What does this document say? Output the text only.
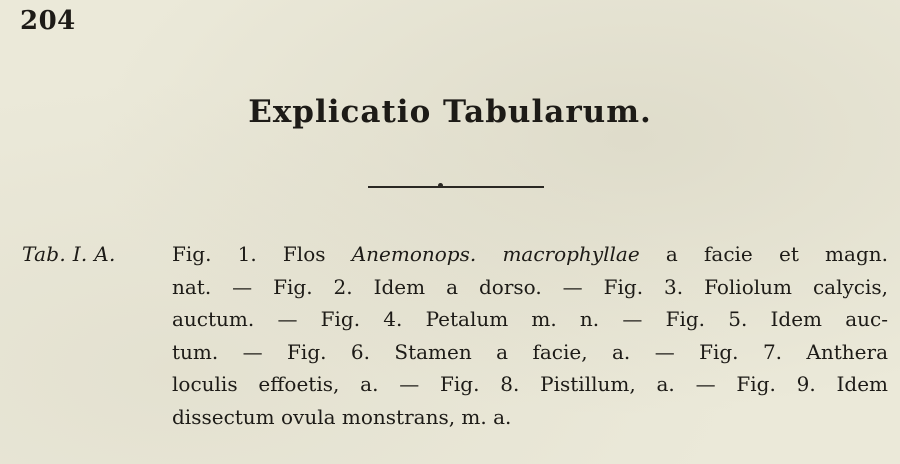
204
Explicatio Tabularum.
Tab. I. A.	Fig. 1. Flos Anemonops. macrophyllae a facie et magn.
nat. — Fig. 2. Idem a dorso. — Fig. 3. Foliolum calycis,
auctum. — Fig. 4. Petalum m. n. — Fig. 5. Idem auc-
tum. — Fig. 6. Stamen a facie, a. — Fig. 7. Anthera
loculis effoetis, a. — Fig. 8. Pistillum, a. — Fig. 9. Idem
dissectum ovula monstrans, m. a.
